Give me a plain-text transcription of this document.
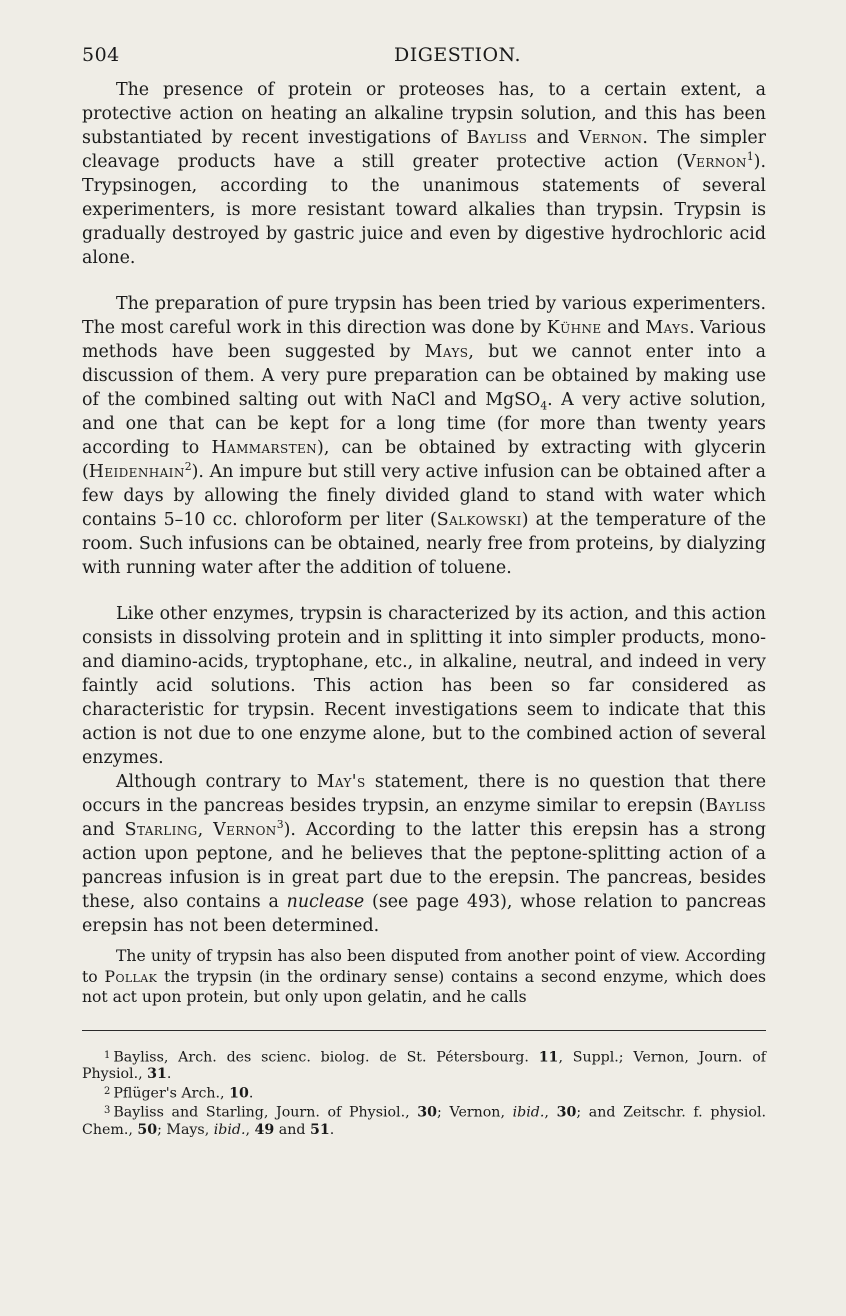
504	DIGESTION.

The presence of protein or proteoses has, to a certain extent, a protective action on heating an alkaline trypsin solution, and this has been substantiated by recent investigations of Bayliss and Vernon. The simpler cleavage products have a still greater protective action (Vernon$^1$). Trypsinogen, according to the unanimous statements of several experimenters, is more resistant toward alkalies than trypsin. Trypsin is gradually destroyed by gastric juice and even by digestive hydrochloric acid alone.

The preparation of pure trypsin has been tried by various experimenters. The most careful work in this direction was done by Kühne and Mays. Various methods have been suggested by Mays, but we cannot enter into a discussion of them. A very pure preparation can be obtained by making use of the combined salting out with NaCl and MgSO$_4$. A very active solution, and one that can be kept for a long time (for more than twenty years according to Hammarsten), can be obtained by extracting with glycerin (Heidenhain$^2$). An impure but still very active infusion can be obtained after a few days by allowing the finely divided gland to stand with water which contains 5–10 cc. chloroform per liter (Salkowski) at the temperature of the room. Such infusions can be obtained, nearly free from proteins, by dialyzing with running water after the addition of toluene.

Like other enzymes, trypsin is characterized by its action, and this action consists in dissolving protein and in splitting it into simpler products, mono- and diamino-acids, tryptophane, etc., in alkaline, neutral, and indeed in very faintly acid solutions. This action has been so far considered as characteristic for trypsin. Recent investigations seem to indicate that this action is not due to one enzyme alone, but to the combined action of several enzymes.

Although contrary to May's statement, there is no question that there occurs in the pancreas besides trypsin, an enzyme similar to erepsin (Bayliss and Starling, Vernon$^3$). According to the latter this erepsin has a strong action upon peptone, and he believes that the peptone-splitting action of a pancreas infusion is in great part due to the erepsin. The pancreas, besides these, also contains a nuclease (see page 493), whose relation to pancreas erepsin has not been determined.

The unity of trypsin has also been disputed from another point of view. According to Pollak the trypsin (in the ordinary sense) contains a second enzyme, which does not act upon protein, but only upon gelatin, and he calls

$^1$ Bayliss, Arch. des scienc. biolog. de St. Pétersbourg. 11, Suppl.; Vernon, Journ. of Physiol., 31.

$^2$ Pflüger's Arch., 10.

$^3$ Bayliss and Starling, Journ. of Physiol., 30; Vernon, ibid., 30; and Zeitschr. f. physiol. Chem., 50; Mays, ibid., 49 and 51.
